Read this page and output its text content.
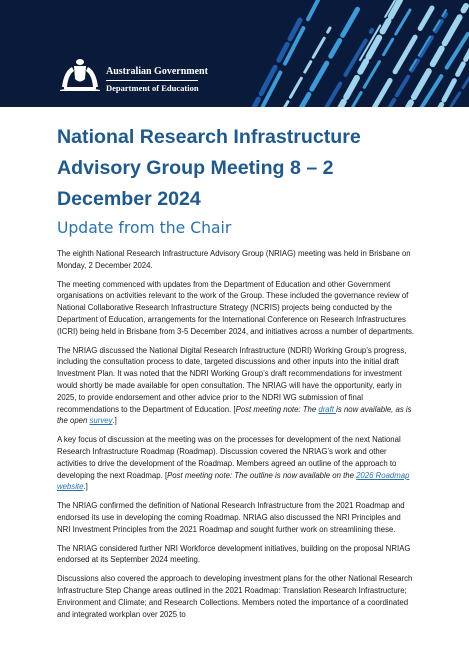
Australian Government
Department of Education
National Research Infrastructure Advisory Group Meeting 8 – 2 December 2024
Update from the Chair

The eighth National Research Infrastructure Advisory Group (NRIAG) meeting was held in Brisbane on Monday, 2 December 2024.

The meeting commenced with updates from the Department of Education and other Government organisations on activities relevant to the work of the Group. These included the governance review of National Collaborative Research Infrastructure Strategy (NCRIS) projects being conducted by the Department of Education, arrangements for the International Conference on Research Infrastructures (ICRI) being held in Brisbane from 3-5 December 2024, and initiatives across a number of departments.

The NRIAG discussed the National Digital Research Infrastructure (NDRI) Working Group’s progress, including the consultation process to date, targeted discussions and other inputs into the initial draft Investment Plan. It was noted that the NDRI Working Group’s draft recommendations for investment would shortly be made available for open consultation. The NRIAG will have the opportunity, early in 2025, to provide endorsement and other advice prior to the NDRI WG submission of final recommendations to the Department of Education. [Post meeting note: The draft is now available, as is the open survey.]

A key focus of discussion at the meeting was on the processes for development of the next National Research Infrastructure Roadmap (Roadmap). Discussion covered the NRIAG’s work and other activities to drive the development of the Roadmap. Members agreed an outline of the approach to developing the next Roadmap. [Post meeting note: The outline is now available on the 2026 Roadmap website.]

The NRIAG confirmed the definition of National Research Infrastructure from the 2021 Roadmap and endorsed its use in developing the coming Roadmap. NRIAG also discussed the NRI Principles and NRI Investment Principles from the 2021 Roadmap and sought further work on streamlining these.

The NRIAG considered further NRI Workforce development initiatives, building on the proposal NRIAG endorsed at its September 2024 meeting.

Discussions also covered the approach to developing investment plans for the other National Research Infrastructure Step Change areas outlined in the 2021 Roadmap: Translation Research Infrastructure; Environment and Climate; and Research Collections. Members noted the importance of a coordinated and integrated workplan over 2025 to
